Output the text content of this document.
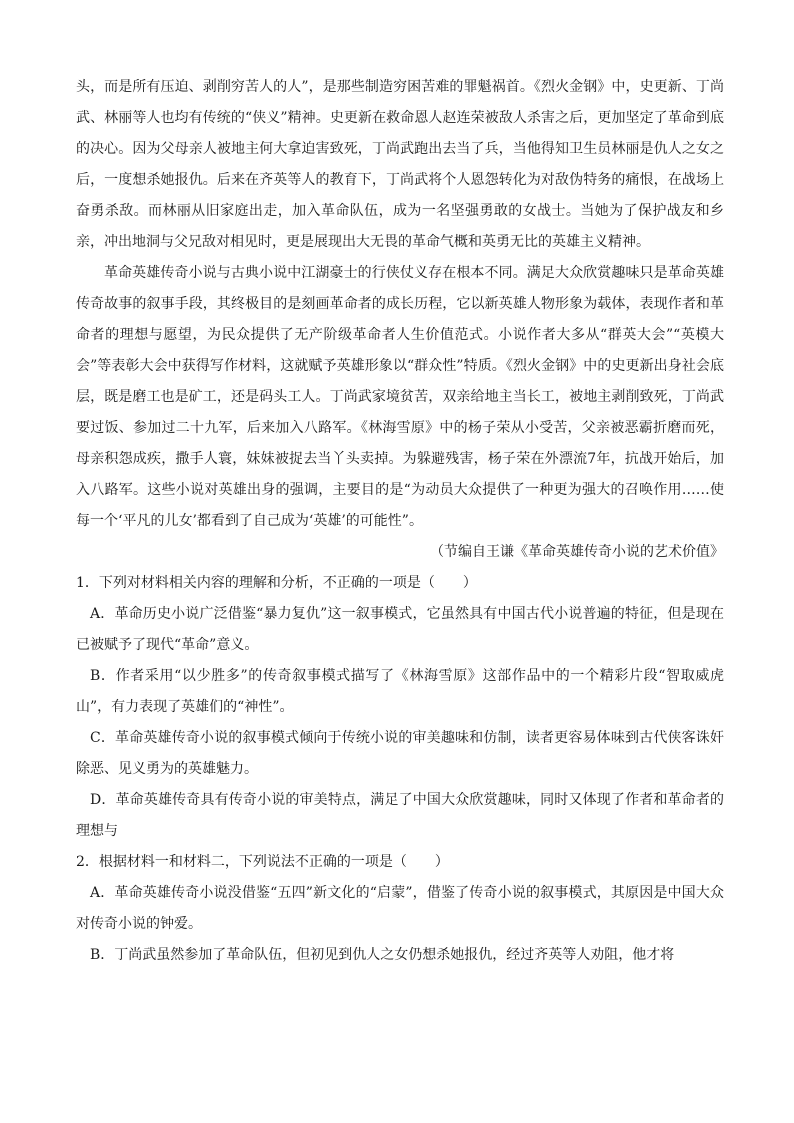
头，而是所有压迫、剥削穷苦人的人”，是那些制造穷困苦难的罪魁祸首。《烈火金钢》中，史更新、丁尚武、林丽等人也均有传统的“侠义”精神。史更新在救命恩人赵连荣被敌人杀害之后，更加坚定了革命到底的决心。因为父母亲人被地主何大拿迫害致死，丁尚武跑出去当了兵，当他得知卫生员林丽是仇人之女之后，一度想杀她报仇。后来在齐英等人的教育下，丁尚武将个人恩怨转化为对敌伪特务的痛恨，在战场上奋勇杀敌。而林丽从旧家庭出走，加入革命队伍，成为一名坚强勇敢的女战士。当她为了保护战友和乡亲，冲出地洞与父兄敌对相见时，更是展现出大无畏的革命气概和英勇无比的英雄主义精神。

革命英雄传奇小说与古典小说中江湖豪士的行侠仗义存在根本不同。满足大众欣赏趣味只是革命英雄传奇故事的叙事手段，其终极目的是刻画革命者的成长历程，它以新英雄人物形象为载体，表现作者和革命者的理想与愿望，为民众提供了无产阶级革命者人生价值范式。小说作者大多从“群英大会”“英模大会”等表彰大会中获得写作材料，这就赋予英雄形象以“群众性”特质。《烈火金钢》中的史更新出身社会底层，既是磨工也是矿工，还是码头工人。丁尚武家境贫苦，双亲给地主当长工，被地主剥削致死，丁尚武要过饭、参加过二十九军，后来加入八路军。《林海雪原》中的杨子荣从小受苦，父亲被恶霸折磨而死，母亲积怨成疾，撒手人寰，妹妹被捉去当丫头卖掉。为躲避残害，杨子荣在外漂流7年，抗战开始后，加入八路军。这些小说对英雄出身的强调，主要目的是“为动员大众提供了一种更为强大的召唤作用……使每一个‘平凡的儿女’都看到了自己成为‘英雄’的可能性”。

（节编自王谦《革命英雄传奇小说的艺术价值》

1．下列对材料相关内容的理解和分析，不正确的一项是（　　）

A．革命历史小说广泛借鉴“暴力复仇”这一叙事模式，它虽然具有中国古代小说普遍的特征，但是现在已被赋予了现代“革命”意义。

B．作者采用“以少胜多”的传奇叙事模式描写了《林海雪原》这部作品中的一个精彩片段“智取威虎山”，有力表现了英雄们的“神性”。

C．革命英雄传奇小说的叙事模式倾向于传统小说的审美趣味和仿制，读者更容易体味到古代侠客诛奸除恶、见义勇为的英雄魅力。

D．革命英雄传奇具有传奇小说的审美特点，满足了中国大众欣赏趣味，同时又体现了作者和革命者的理想与

2．根据材料一和材料二，下列说法不正确的一项是（　　）

A．革命英雄传奇小说没借鉴“五四”新文化的“启蒙”，借鉴了传奇小说的叙事模式，其原因是中国大众对传奇小说的钟爱。

B．丁尚武虽然参加了革命队伍，但初见到仇人之女仍想杀她报仇，经过齐英等人劝阻，他才将
